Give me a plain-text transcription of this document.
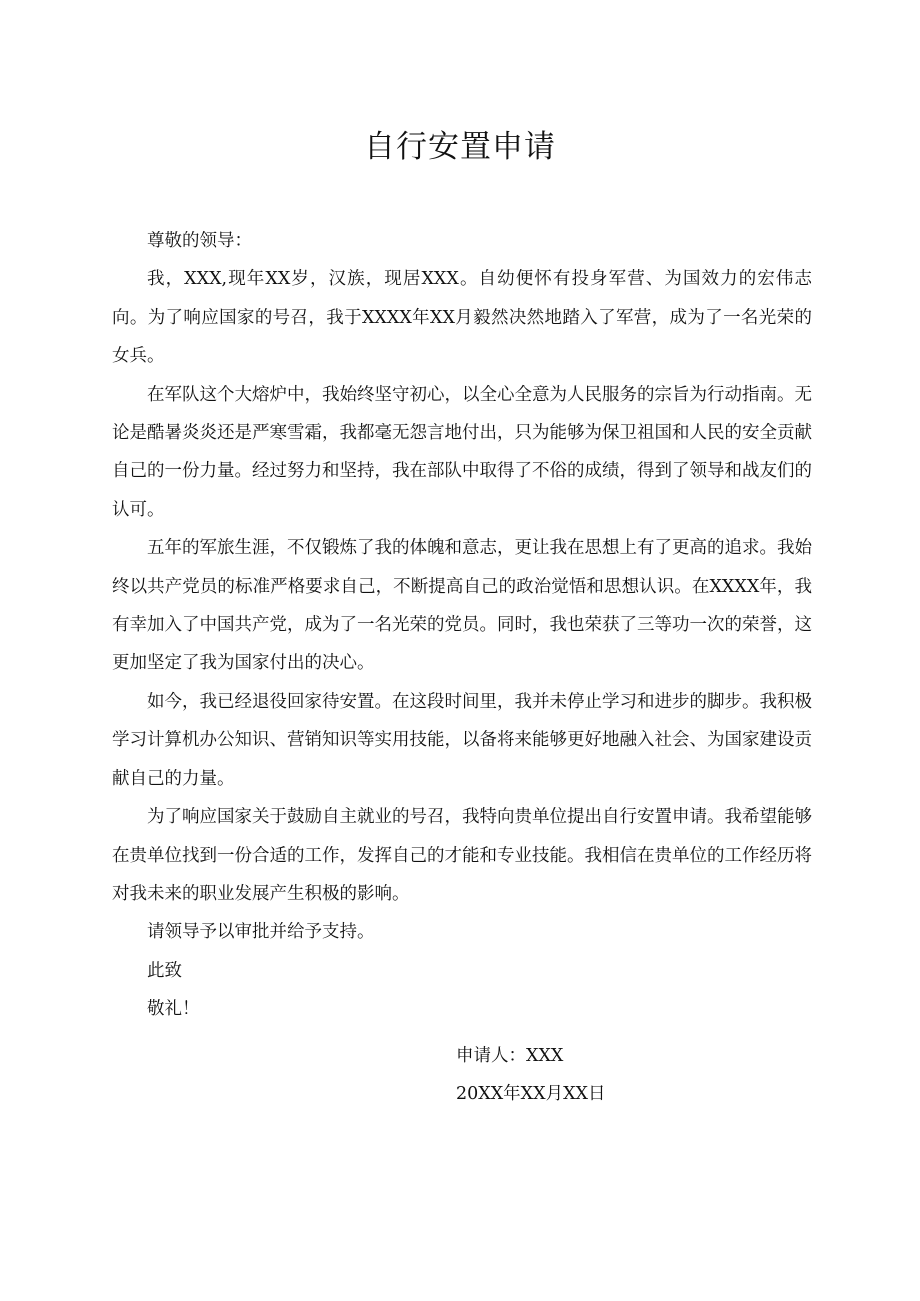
自行安置申请

尊敬的领导：

我，XXX,现年XX岁，汉族，现居XXX。自幼便怀有投身军营、为国效力的宏伟志向。为了响应国家的号召，我于XXXX年XX月毅然决然地踏入了军营，成为了一名光荣的女兵。

在军队这个大熔炉中，我始终坚守初心，以全心全意为人民服务的宗旨为行动指南。无论是酷暑炎炎还是严寒雪霜，我都毫无怨言地付出，只为能够为保卫祖国和人民的安全贡献自己的一份力量。经过努力和坚持，我在部队中取得了不俗的成绩，得到了领导和战友们的认可。

五年的军旅生涯，不仅锻炼了我的体魄和意志，更让我在思想上有了更高的追求。我始终以共产党员的标准严格要求自己，不断提高自己的政治觉悟和思想认识。在XXXX年，我有幸加入了中国共产党，成为了一名光荣的党员。同时，我也荣获了三等功一次的荣誉，这更加坚定了我为国家付出的决心。

如今，我已经退役回家待安置。在这段时间里，我并未停止学习和进步的脚步。我积极学习计算机办公知识、营销知识等实用技能，以备将来能够更好地融入社会、为国家建设贡献自己的力量。

为了响应国家关于鼓励自主就业的号召，我特向贵单位提出自行安置申请。我希望能够在贵单位找到一份合适的工作，发挥自己的才能和专业技能。我相信在贵单位的工作经历将对我未来的职业发展产生积极的影响。

请领导予以审批并给予支持。

此致

敬礼！

申请人：XXX
20XX年XX月XX日
